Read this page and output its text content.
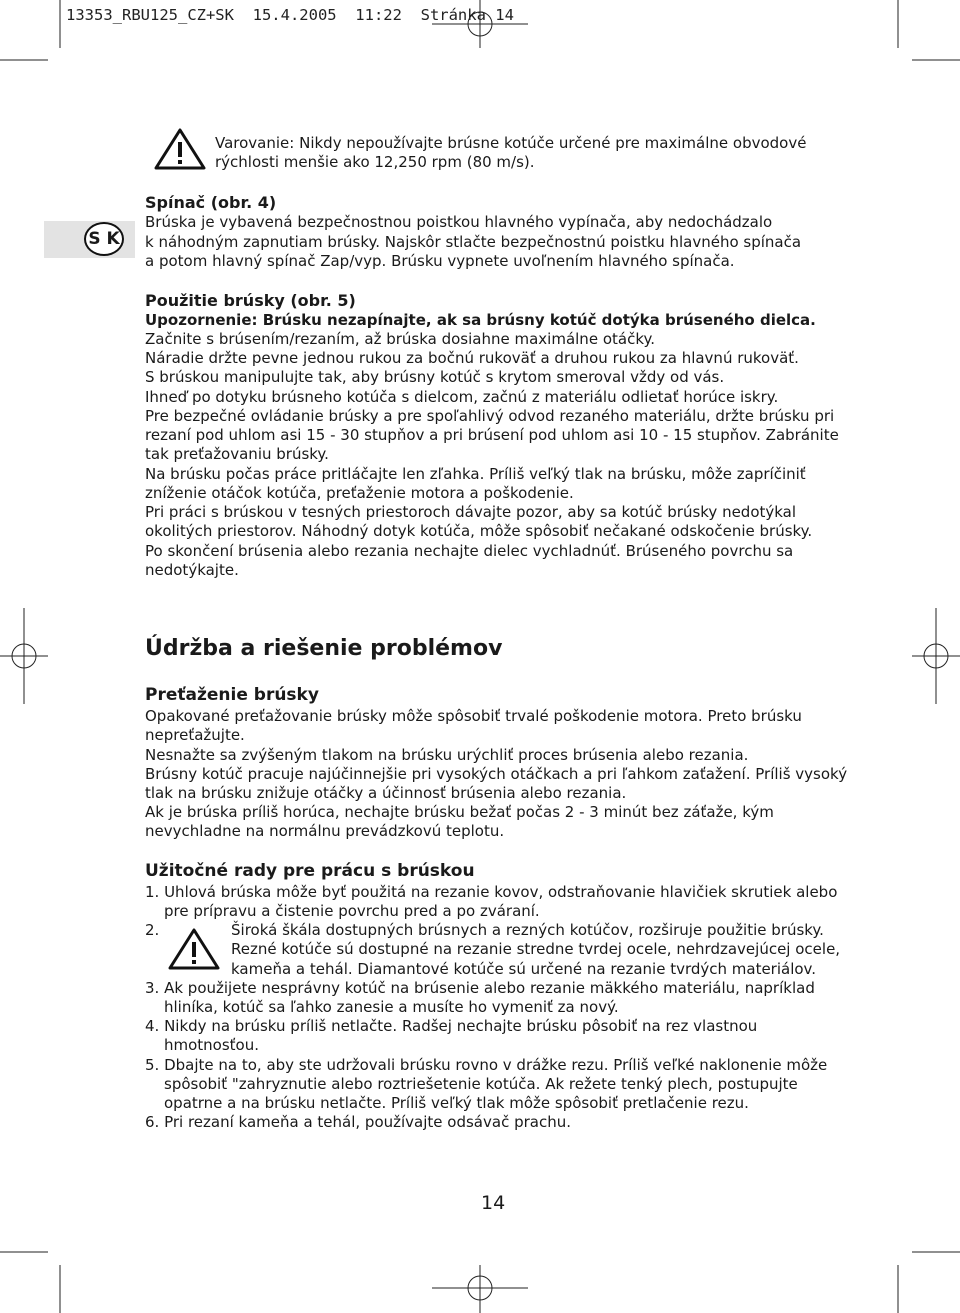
13353_RBU125_CZ+SK  15.4.2005  11:22  Stránka 14
Varovanie: Nikdy nepoužívajte brúsne kotúče určené pre maximálne obvodové
rýchlosti menšie ako 12,250 rpm (80 m/s).
S K
Spínač (obr. 4)
Brúska je vybavená bezpečnostnou poistkou hlavného vypínača, aby nedochádzalo
k náhodným zapnutiam brúsky. Najskôr stlačte bezpečnostnú poistku hlavného spínača
a potom hlavný spínač Zap/vyp. Brúsku vypnete uvoľnením hlavného spínača.
Použitie brúsky (obr. 5)
Upozornenie: Brúsku nezapínajte, ak sa brúsny kotúč dotýka brúseného dielca.
Začnite s brúsením/rezaním, až brúska dosiahne maximálne otáčky.
Náradie držte pevne jednou rukou za bočnú rukoväť a druhou rukou za hlavnú rukoväť.
S brúskou manipulujte tak, aby brúsny kotúč s krytom smeroval vždy od vás.
Ihneď po dotyku brúsneho kotúča s dielcom, začnú z materiálu odlietať horúce iskry.
Pre bezpečné ovládanie brúsky a pre spoľahlivý odvod rezaného materiálu, držte brúsku pri
rezaní pod uhlom asi 15 - 30 stupňov a pri brúsení pod uhlom asi 10 - 15 stupňov. Zabránite
tak preťažovaniu brúsky.
Na brúsku počas práce pritláčajte len zľahka. Príliš veľký tlak na brúsku, môže zapríčiniť
zníženie otáčok kotúča, preťaženie motora a poškodenie.
Pri práci s brúskou v tesných priestoroch dávajte pozor, aby sa kotúč brúsky nedotýkal
okolitých priestorov. Náhodný dotyk kotúča, môže spôsobiť nečakané odskočenie brúsky.
Po skončení brúsenia alebo rezania nechajte dielec vychladnúť. Brúseného povrchu sa
nedotýkajte.
Údržba a riešenie problémov
Preťaženie brúsky
Opakované preťažovanie brúsky môže spôsobiť trvalé poškodenie motora. Preto brúsku
nepreťažujte.
Nesnažte sa zvýšeným tlakom na brúsku urýchliť proces brúsenia alebo rezania.
Brúsny kotúč pracuje najúčinnejšie pri vysokých otáčkach a pri ľahkom zaťažení. Príliš vysoký
tlak na brúsku znižuje otáčky a účinnosť brúsenia alebo rezania.
Ak je brúska príliš horúca, nechajte brúsku bežať počas 2 - 3 minút bez záťaže, kým
nevychladne na normálnu prevádzkovú teplotu.
Užitočné rady pre prácu s brúskou
1. Uhlová brúska môže byť použitá na rezanie kovov, odstraňovanie hlavičiek skrutiek alebo
pre prípravu a čistenie povrchu pred a po zváraní.
2.	Široká škála dostupných brúsnych a rezných kotúčov, rozširuje použitie brúsky.
Rezné kotúče sú dostupné na rezanie stredne tvrdej ocele, nehrdzavejúcej ocele,
kameňa a tehál. Diamantové kotúče sú určené na rezanie tvrdých materiálov.
3. Ak použijete nesprávny kotúč na brúsenie alebo rezanie mäkkého materiálu, napríklad
hliníka, kotúč sa ľahko zanesie a musíte ho vymeniť za nový.
4. Nikdy na brúsku príliš netlačte. Radšej nechajte brúsku pôsobiť na rez vlastnou
hmotnosťou.
5. Dbajte na to, aby ste udržovali brúsku rovno v drážke rezu. Príliš veľké naklonenie môže
spôsobiť "zahryznutie alebo roztriešetenie kotúča. Ak režete tenký plech, postupujte
opatrne a na brúsku netlačte. Príliš veľký tlak môže spôsobiť pretlačenie rezu.
6. Pri rezaní kameňa a tehál, používajte odsávač prachu.
14
